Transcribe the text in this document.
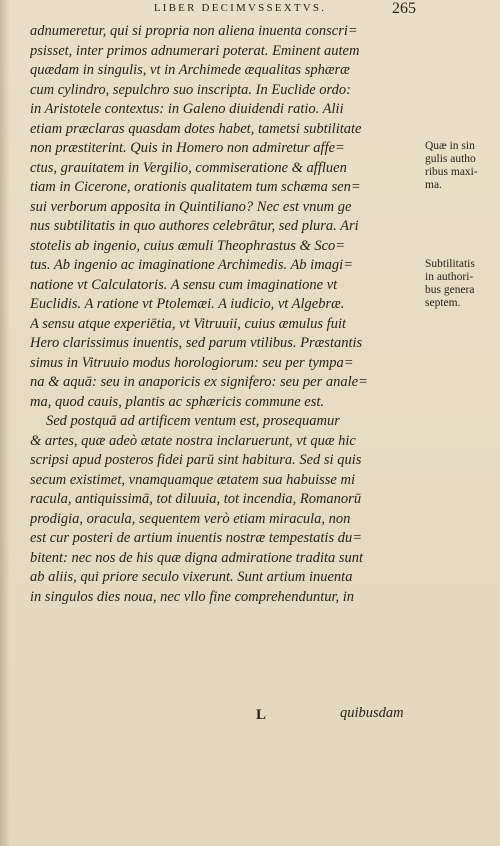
LIBER DECIMVSSEXTVS.	265
adnumeretur, qui si propria non aliena inuenta conscri=
psisset, inter primos adnumerari poterat. Eminent autem
quædam in singulis, vt in Archimede æqualitas sphæræ
cum cylindro, sepulchro suo inscripta. In Euclide ordo:
in Aristotele contextus: in Galeno diuidendi ratio. Alii
etiam præclaras quasdam dotes habet, tametsi subtilitate
non præstiterint. Quis in Homero non admiretur affe=
ctus, grauitatem in Vergilio, commiseratione & affluen
tiam in Cicerone, orationis qualitatem tum schæma sen=
sui verborum apposita in Quintiliano? Nec est vnum ge
nus subtilitatis in quo authores celebrātur, sed plura. Ari
stotelis ab ingenio, cuius æmuli Theophrastus & Sco=
tus. Ab ingenio ac imaginatione Archimedis. Ab imagi=
natione vt Calculatoris. A sensu cum imaginatione vt
Euclidis. A ratione vt Ptolemæi. A iudicio, vt Algebræ.
A sensu atque experiētia, vt Vitruuii, cuius æmulus fuit
Hero clarissimus inuentis, sed parum vtilibus. Præstantis
simus in Vitruuio modus horologiorum: seu per tympa=
na & aquā: seu in anaporicis ex signifero: seu per anale=
ma, quod cauis, plantis ac sphæricis commune est.
Sed postquā ad artificem ventum est, prosequamur
& artes, quæ adeò ætate nostra inclaruerunt, vt quæ hic
scripsi apud posteros fidei parū sint habitura. Sed si quis
secum existimet, vnamquamque ætatem sua habuisse mi
racula, antiquissimā, tot diluuia, tot incendia, Romanorū
prodigia, oracula, sequentem verò etiam miracula, non
est cur posteri de artium inuentis nostræ tempestatis du=
bitent: nec nos de his quæ digna admiratione tradita sunt
ab aliis, qui priore seculo vixerunt. Sunt artium inuenta
in singulos dies noua, nec vllo fine comprehenduntur, in
Quæ in sin
gulis autho
ribus maxi-
ma.
Subtilitatis
in authori-
bus genera
septem.
L	quibusdam
